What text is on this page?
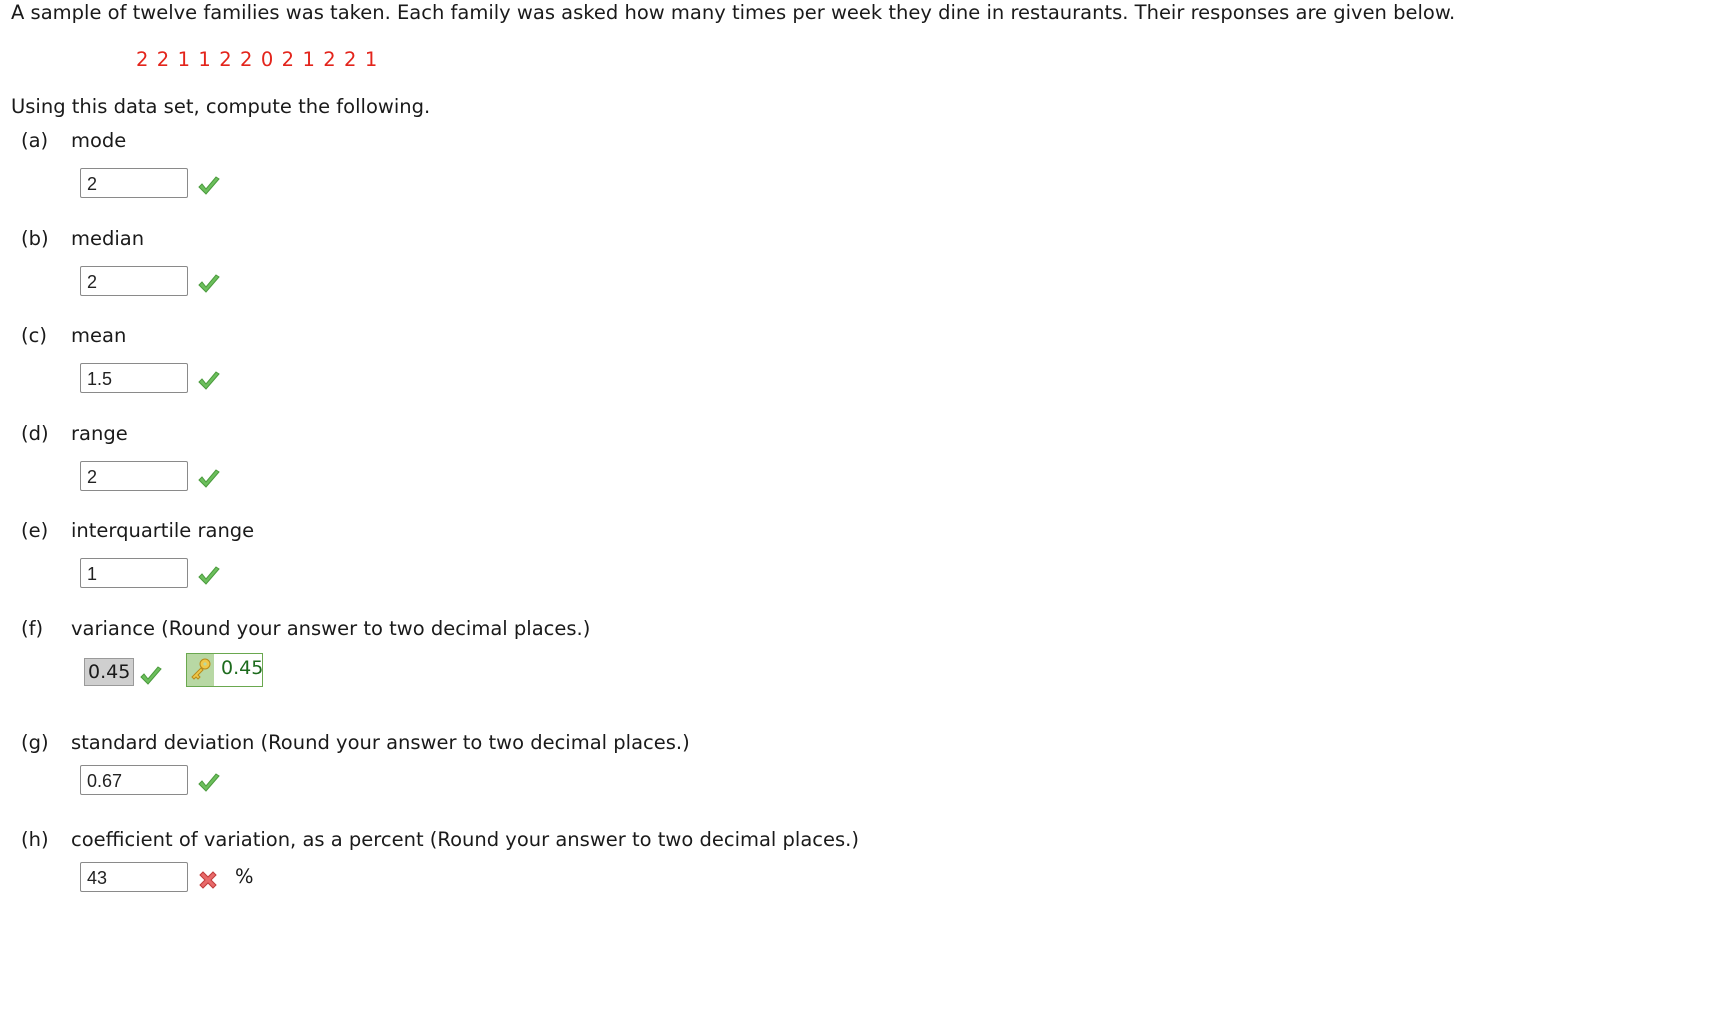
A sample of twelve families was taken. Each family was asked how many times per week they dine in restaurants. Their responses are given below.
2 2 1 1 2 2 0 2 1 2 2 1
Using this data set, compute the following.
(a) mode
2
(b) median
2
(c) mean
1.5
(d) range
2
(e) interquartile range
1
(f) variance (Round your answer to two decimal places.)
0.45	0.45
(g) standard deviation (Round your answer to two decimal places.)
0.67
(h) coefficient of variation, as a percent (Round your answer to two decimal places.)
43
%
